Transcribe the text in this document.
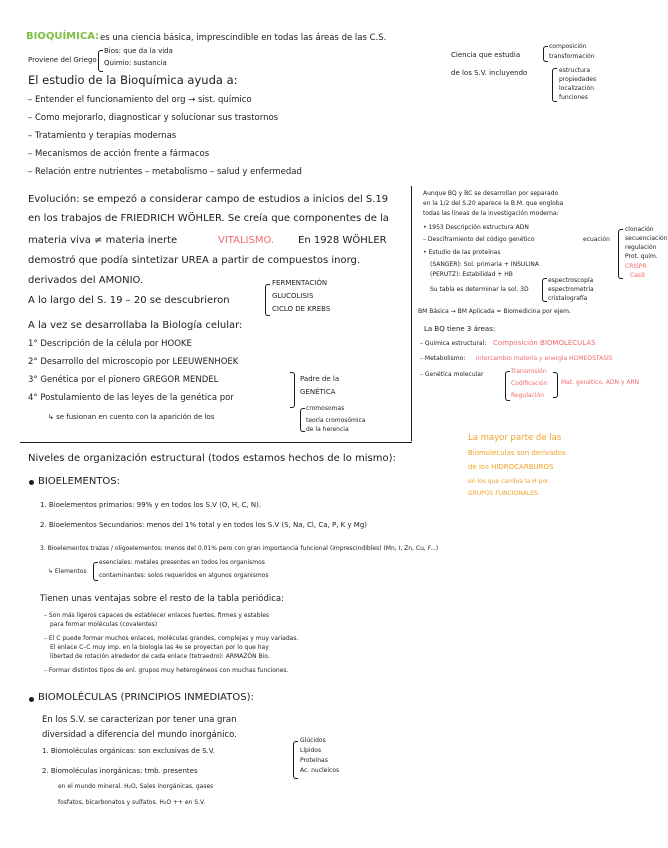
BIOQUÍMICA: es una ciencia básica, imprescindible en todas las áreas de las C.S.
Proviene del Griego
Bios: que da la vida
Quimio: sustancia
Ciencia que estudia
de los S.V. incluyendo
composición
transformación
estructura
propiedades
localización
funciones
El estudio de la Bioquímica ayuda a:
– Entender el funcionamiento del org → sist. químico
– Como mejorarlo, diagnosticar y solucionar sus trastornos
– Tratamiento y terapias modernas
– Mecanismos de acción frente a fármacos
– Relación entre nutrientes – metabolismo – salud y enfermedad
Evolución: se empezó a considerar campo de estudios a inicios del S.19
en los trabajos de FRIEDRICH WÖHLER. Se creía que componentes de la
materia viva ≠ materia inerte	VITALISMO. En 1928 WÖHLER
demostró que podía sintetizar UREA a partir de compuestos inorg.
derivados del AMONIO.
A lo largo del S. 19 – 20 se descubrieron
FERMENTACIÓN
GLUCOLISIS
CICLO DE KREBS
A la vez se desarrollaba la Biología celular:
1° Descripción de la célula por HOOKE
2° Desarrollo del microscopio por LEEUWENHOEK
3° Genética por el pionero GREGOR MENDEL
4° Postulamiento de las leyes de la genética por
Padre de la
GENÉTICA
↳ se fusionan en cuento con la aparición de los
cromosomas
teoría cromosómica
de la herencia
Aunque BQ y BC se desarrollan por separado
en la 1/2 del S.20 aparece la B.M. que engloba
todas las líneas de la investigación moderna:
• 1953 Descripción estructura ADN
– Desciframiento del código genético	ecuación
• Estudio de las proteínas
(SANGER): Sol. primaria + INSULINA
(PERUTZ): Estabilidad + HB
Su tabla es determinar la sol. 3D
clonación
secuenciación
regulación
Prot. quím.
CRISPR
Cas9
espectroscopía
espectrometría
cristalografía
BM Básica → BM Aplicada = Biomedicina por ejem.
La BQ tiene 3 áreas:
– Química estructural: Composición BIOMOLÉCULAS
– Metabolismo: Intercambio materia y energía HOMEOSTASIS
– Genética molecular	Transmisión
Codificación
Regulación
Mat. genético, ADN y ARN
La mayor parte de las
Biomoléculas son derivados
de los HIDROCARBUROS
en los que cambia la H por
GRUPOS FUNCIONALES.
Niveles de organización estructural (todos estamos hechos de lo mismo):
BIOELEMENTOS:
1. Bioelementos primarios: 99% y en todos los S.V (O, H, C, N).
2. Bioelementos Secundarios: menos del 1% total y en todos los S.V (S, Na, Cl, Ca, P, K y Mg)
3. Bioelementos trazas / oligoelementos: menos del 0.01% pero con gran importancia funcional (imprescindibles) (Mn, I, Zn, Cu, F...)
↳ Elementos
esenciales: metales presentes en todos los organismos
contaminantes: solos requeridos en algunos organismos
Tienen unas ventajas sobre el resto de la tabla periódica:
– Son más ligeros capaces de establecer enlaces fuertes, firmes y estables
para formar moléculas (covalentes)
– El C puede formar muchos enlaces, moléculas grandes, complejas y muy variadas.
El enlace C–C muy imp. en la biología las 4e se proyectan por lo que hay
libertad de rotación alrededor de cada enlace (tetraedro): ARMAZÓN Bio.
– Formar distintos tipos de enl. grupos muy heterogéneos con muchas funciones.
BIOMOLÉCULAS (PRINCIPIOS INMEDIATOS):
En los S.V. se caracterizan por tener una gran
diversidad a diferencia del mundo inorgánico.
1. Biomoléculas orgánicas: son exclusivas de S.V.
2. Biomoléculas inorgánicas: tmb. presentes
en el mundo mineral. H₂O, Sales inorgánicas, gases
fosfatos, bicarbonatos y sulfatos. H₂O ++ en S.V.
Glúcidos
Lípidos
Proteínas
Ac. nucleicos
